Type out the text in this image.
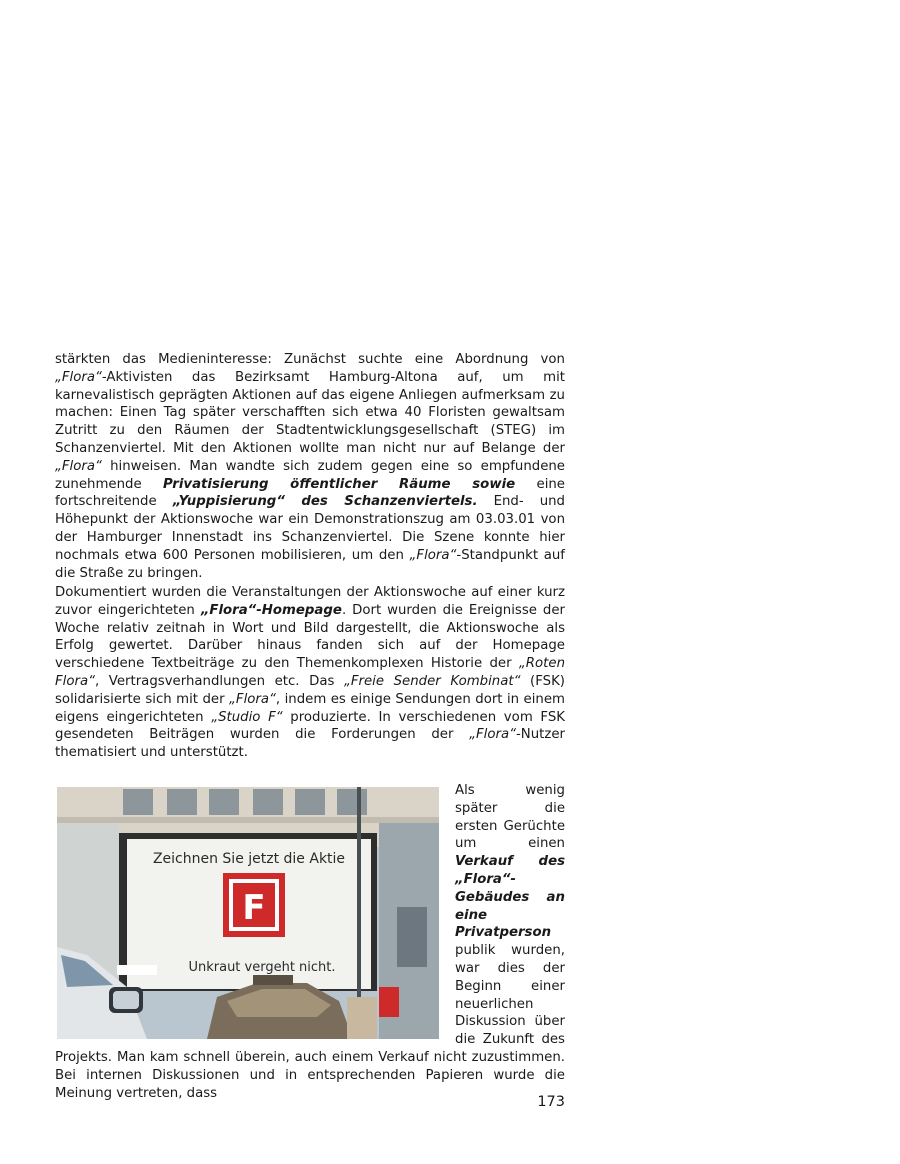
stärkten das Medieninteresse: Zunächst suchte eine Abordnung von „Flora“-Aktivisten das Bezirksamt Hamburg-Altona auf, um mit karnevalistisch geprägten Aktionen auf das eigene Anliegen aufmerksam zu machen: Einen Tag später verschafften sich etwa 40 Floristen gewaltsam Zutritt zu den Räumen der Stadtentwicklungsgesellschaft (STEG) im Schanzenviertel. Mit den Aktionen wollte man nicht nur auf Belange der „Flora“ hinweisen. Man wandte sich zudem gegen eine so empfundene zunehmende Privatisierung öffentlicher Räume sowie eine fortschreitende „Yuppisierung“ des Schanzenviertels. End- und Höhepunkt der Aktionswoche war ein Demonstrationszug am 03.03.01 von der Hamburger Innenstadt ins Schanzenviertel. Die Szene konnte hier nochmals etwa 600 Personen mobilisieren, um den „Flora“-Standpunkt auf die Straße zu bringen.

Dokumentiert wurden die Veranstaltungen der Aktionswoche auf einer kurz zuvor eingerichteten „Flora“-Homepage. Dort wurden die Ereignisse der Woche relativ zeitnah in Wort und Bild dargestellt, die Aktionswoche als Erfolg gewertet. Darüber hinaus fanden sich auf der Homepage verschiedene Textbeiträge zu den Themenkomplexen Historie der „Roten Flora“, Vertragsverhandlungen etc. Das „Freie Sender Kombinat“ (FSK) solidarisierte sich mit der „Flora“, indem es einige Sendungen dort in einem eigens eingerichteten „Studio F“ produzierte. In verschiedenen vom FSK gesendeten Beiträgen wurden die Forderungen der „Flora“-Nutzer thematisiert und unterstützt.

Zeichnen Sie jetzt die Aktie
F
Unkraut vergeht nicht.

Als wenig später die ersten Gerüchte um einen Verkauf des „Flora“-Gebäudes an eine Privatperson publik wurden, war dies der Beginn einer neuerlichen Diskussion über die Zukunft des Projekts. Man kam schnell überein, auch einem Verkauf nicht zuzustimmen. Bei internen Diskussionen und in entsprechenden Papieren wurde die Meinung vertreten, dass

173
